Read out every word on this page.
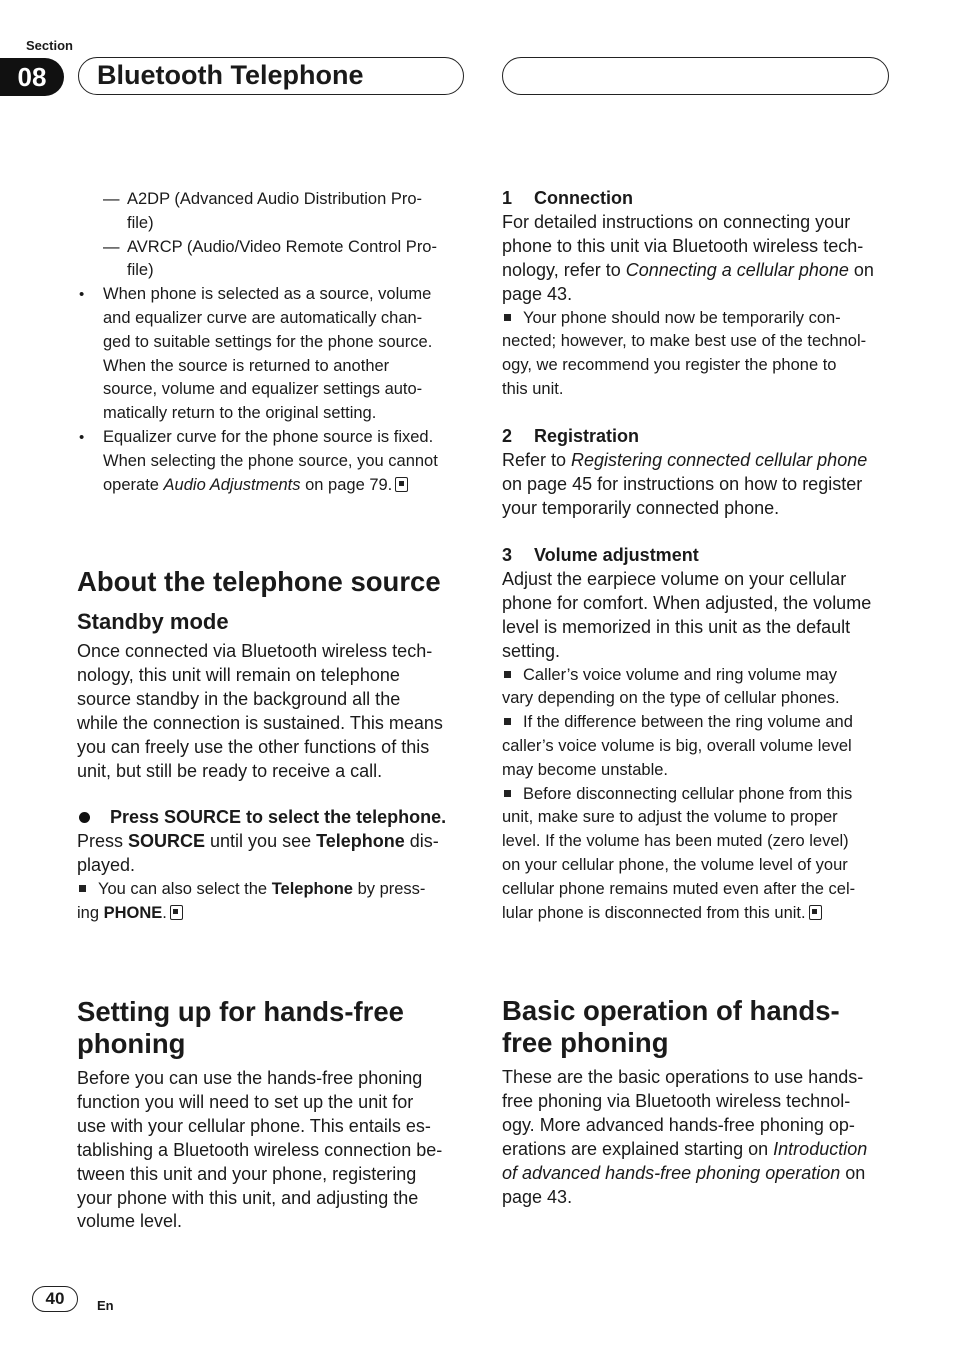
Section
08	Bluetooth Telephone
— A2DP (Advanced Audio Distribution Pro-
file)
— AVRCP (Audio/Video Remote Control Pro-
file)
• When phone is selected as a source, volume
and equalizer curve are automatically chan-
ged to suitable settings for the phone source.
When the source is returned to another
source, volume and equalizer settings auto-
matically return to the original setting.
• Equalizer curve for the phone source is fixed.
When selecting the phone source, you cannot
operate Audio Adjustments on page 79.
About the telephone source
Standby mode
Once connected via Bluetooth wireless tech-
nology, this unit will remain on telephone
source standby in the background all the
while the connection is sustained. This means
you can freely use the other functions of this
unit, but still be ready to receive a call.
Press SOURCE to select the telephone.
Press SOURCE until you see Telephone dis-
played.
You can also select the Telephone by press-
ing PHONE.
Setting up for hands-free
phoning
Before you can use the hands-free phoning
function you will need to set up the unit for
use with your cellular phone. This entails es-
tablishing a Bluetooth wireless connection be-
tween this unit and your phone, registering
your phone with this unit, and adjusting the
volume level.
1 Connection
For detailed instructions on connecting your
phone to this unit via Bluetooth wireless tech-
nology, refer to Connecting a cellular phone on
page 43.
Your phone should now be temporarily con-
nected; however, to make best use of the technol-
ogy, we recommend you register the phone to
this unit.
2 Registration
Refer to Registering connected cellular phone
on page 45 for instructions on how to register
your temporarily connected phone.
3 Volume adjustment
Adjust the earpiece volume on your cellular
phone for comfort. When adjusted, the volume
level is memorized in this unit as the default
setting.
Caller’s voice volume and ring volume may
vary depending on the type of cellular phones.
If the difference between the ring volume and
caller’s voice volume is big, overall volume level
may become unstable.
Before disconnecting cellular phone from this
unit, make sure to adjust the volume to proper
level. If the volume has been muted (zero level)
on your cellular phone, the volume level of your
cellular phone remains muted even after the cel-
lular phone is disconnected from this unit.
Basic operation of hands-
free phoning
These are the basic operations to use hands-
free phoning via Bluetooth wireless technol-
ogy. More advanced hands-free phoning op-
erations are explained starting on Introduction
of advanced hands-free phoning operation on
page 43.
40	En
